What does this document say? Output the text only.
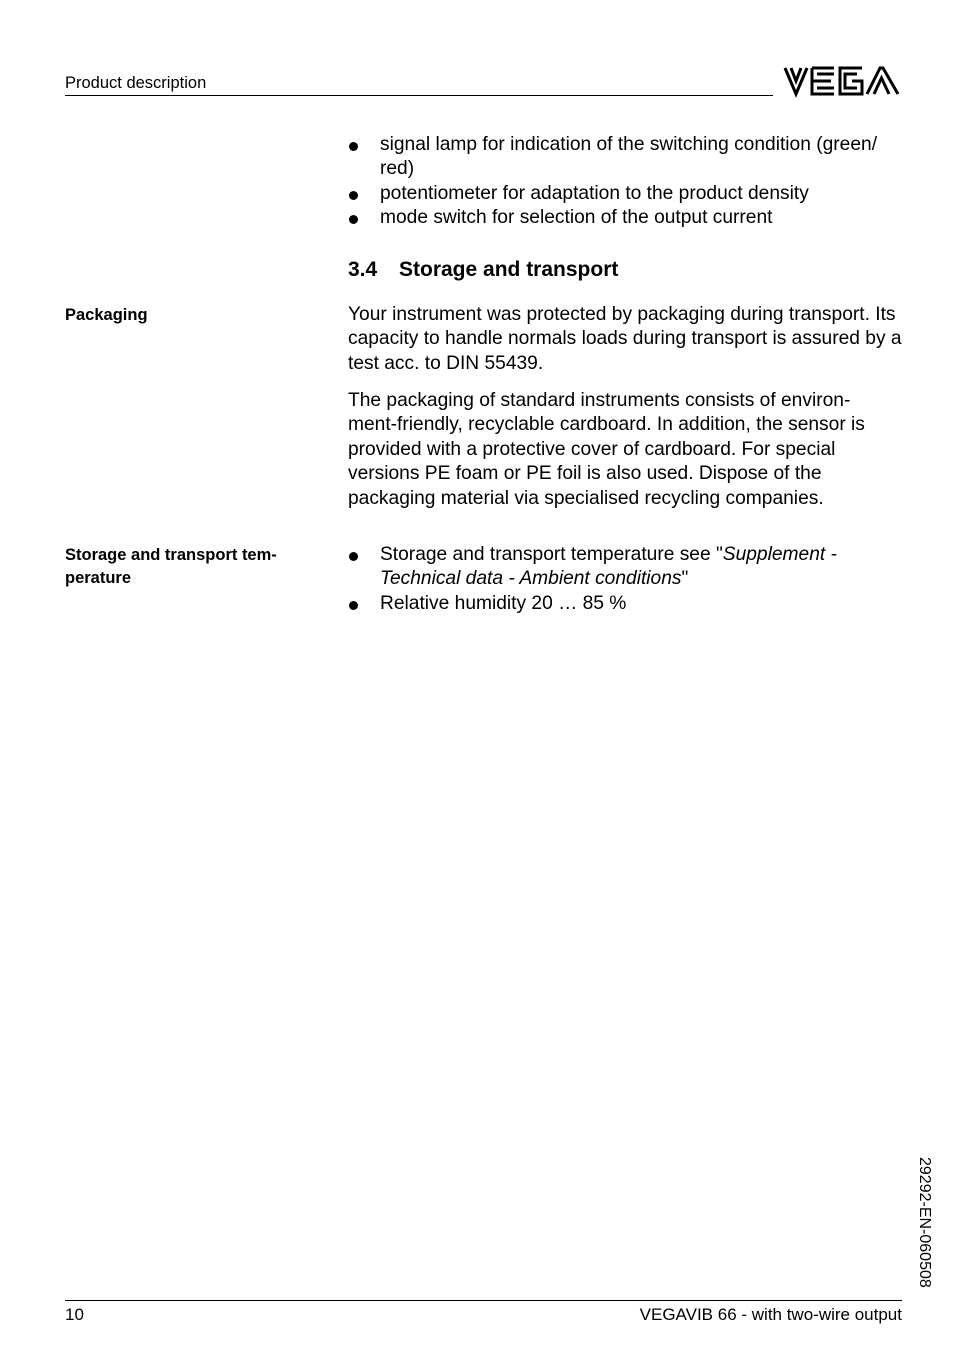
Product description
signal lamp for indication of the switching condition (green/ red)
potentiometer for adaptation to the product density
mode switch for selection of the output current
3.4 Storage and transport
Packaging	Your instrument was protected by packaging during transport. Its capacity to handle normals loads during transport is assured by a test acc. to DIN 55439.

The packaging of standard instruments consists of environ- ment-friendly, recyclable cardboard. In addition, the sensor is provided with a protective cover of cardboard. For special versions PE foam or PE foil is also used. Dispose of the packaging material via specialised recycling companies.

Storage and transport tem- perature
Storage and transport temperature see "Supplement - Technical data - Ambient conditions"
Relative humidity 20 … 85 %
29292-EN-060508
10	VEGAVIB 66 - with two-wire output
